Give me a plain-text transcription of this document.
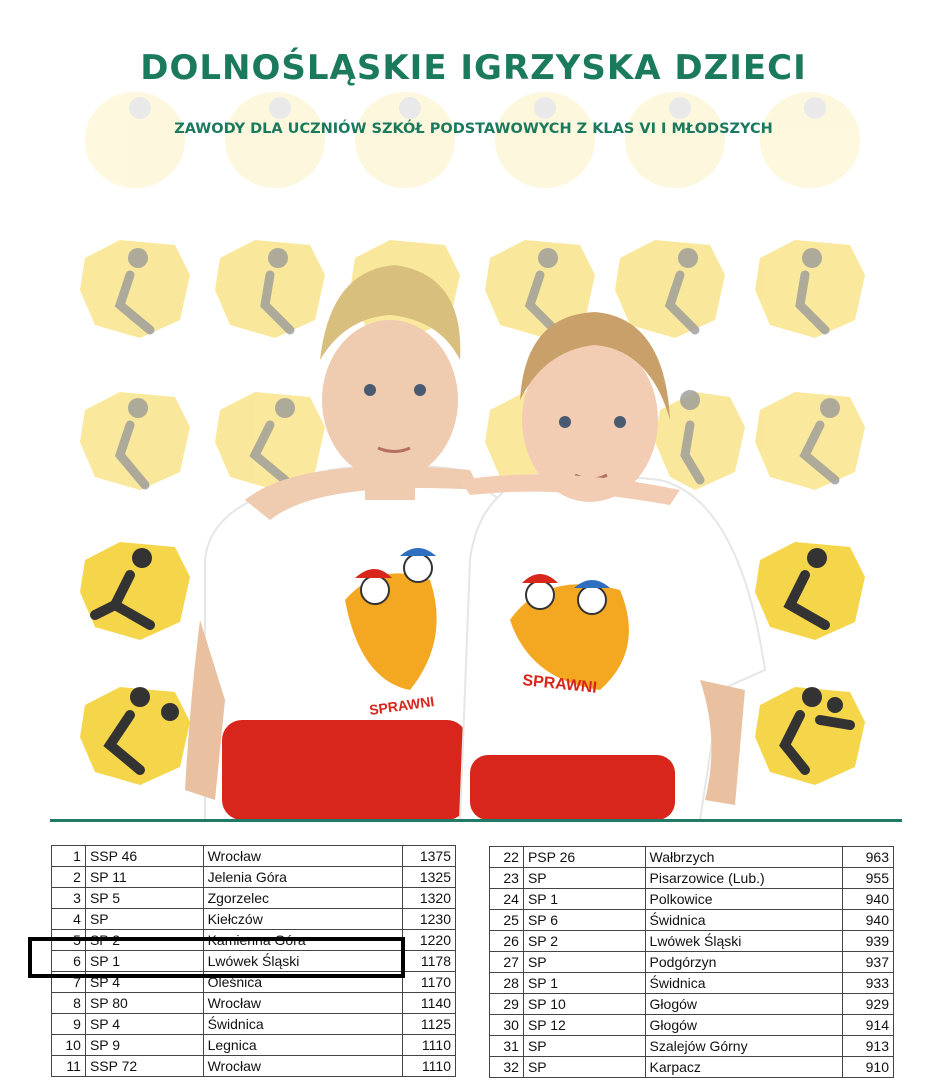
SPRAWNI
SPRAWNI
DOLNOŚLĄSKIE IGRZYSKA DZIECI
ZAWODY DLA UCZNIÓW SZKÓŁ PODSTAWOWYCH Z KLAS VI I MŁODSZYCH
1	SSP 46	Wrocław	1375
2	SP 11	Jelenia Góra	1325
3	SP 5	Zgorzelec	1320
4	SP	Kiełczów	1230
5	SP 2	Kamienna Góra	1220
6	SP 1	Lwówek Śląski	1178
7	SP 4	Oleśnica	1170
8	SP 80	Wrocław	1140
9	SP 4	Świdnica	1125
10	SP 9	Legnica	1110
11	SSP 72	Wrocław	1110
22	PSP 26	Wałbrzych	963
23	SP	Pisarzowice (Lub.)	955
24	SP 1	Polkowice	940
25	SP 6	Świdnica	940
26	SP 2	Lwówek Śląski	939
27	SP	Podgórzyn	937
28	SP 1	Świdnica	933
29	SP 10	Głogów	929
30	SP 12	Głogów	914
31	SP	Szalejów Górny	913
32	SP	Karpacz	910
